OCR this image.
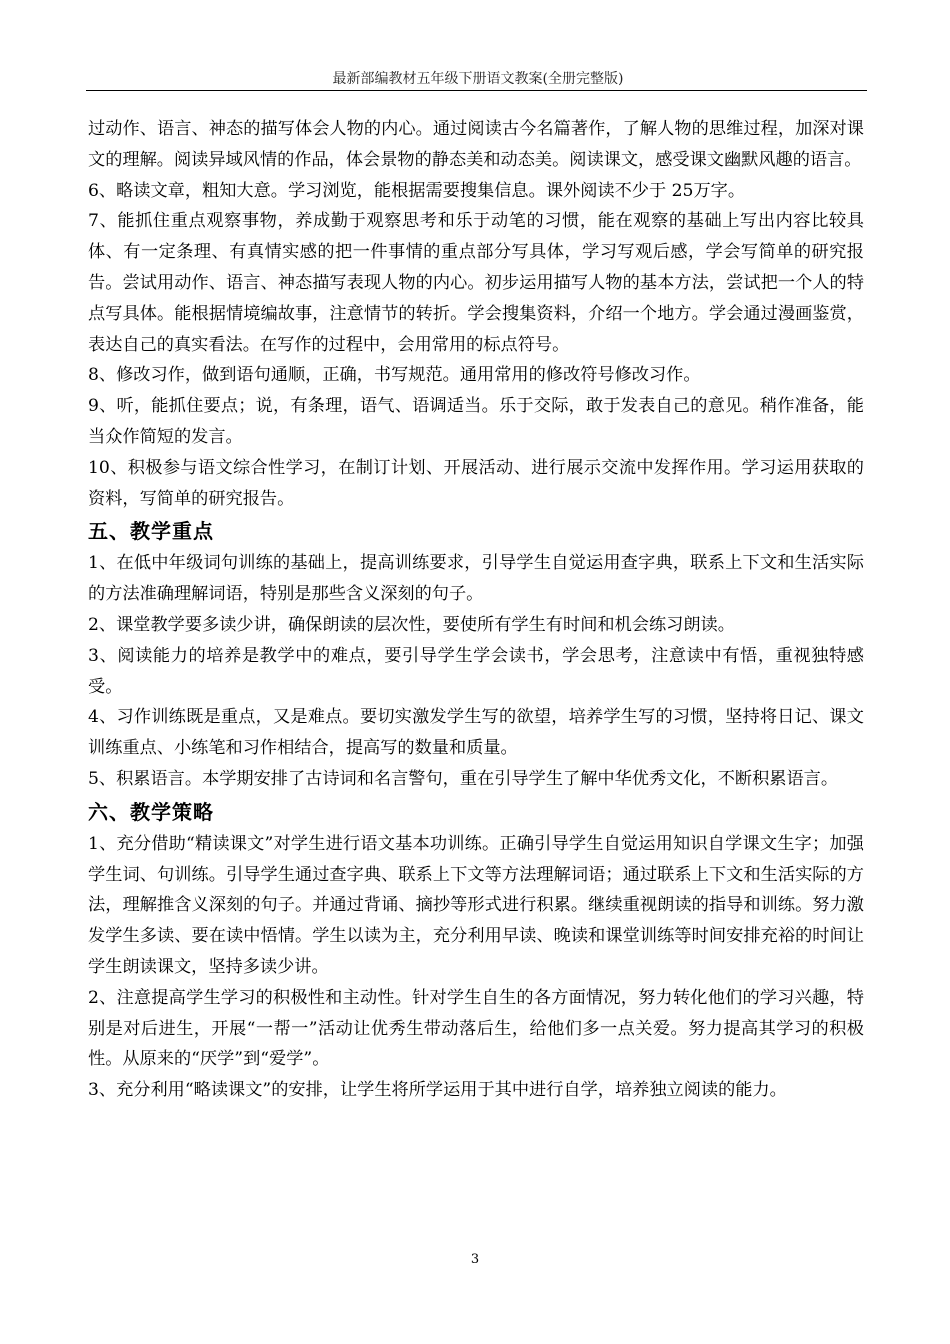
最新部编教材五年级下册语文教案(全册完整版)

过动作、语言、神态的描写体会人物的内心。通过阅读古今名篇著作，了解人物的思维过程，加深对课文的理解。阅读异域风情的作品，体会景物的静态美和动态美。阅读课文，感受课文幽默风趣的语言。

6、略读文章，粗知大意。学习浏览，能根据需要搜集信息。课外阅读不少于 25万字。

7、能抓住重点观察事物，养成勤于观察思考和乐于动笔的习惯，能在观察的基础上写出内容比较具体、有一定条理、有真情实感的把一件事情的重点部分写具体，学习写观后感，学会写简单的研究报告。尝试用动作、语言、神态描写表现人物的内心。初步运用描写人物的基本方法，尝试把一个人的特点写具体。能根据情境编故事，注意情节的转折。学会搜集资料，介绍一个地方。学会通过漫画鉴赏，表达自己的真实看法。在写作的过程中，会用常用的标点符号。

8、修改习作，做到语句通顺，正确，书写规范。通用常用的修改符号修改习作。

9、听，能抓住要点；说，有条理，语气、语调适当。乐于交际，敢于发表自己的意见。稍作准备，能当众作简短的发言。

10、积极参与语文综合性学习，在制订计划、开展活动、进行展示交流中发挥作用。学习运用获取的资料，写简单的研究报告。

五、教学重点

1、在低中年级词句训练的基础上，提高训练要求，引导学生自觉运用查字典，联系上下文和生活实际的方法准确理解词语，特别是那些含义深刻的句子。

2、课堂教学要多读少讲，确保朗读的层次性，要使所有学生有时间和机会练习朗读。

3、阅读能力的培养是教学中的难点，要引导学生学会读书，学会思考，注意读中有悟，重视独特感受。

4、习作训练既是重点，又是难点。要切实激发学生写的欲望，培养学生写的习惯，坚持将日记、课文训练重点、小练笔和习作相结合，提高写的数量和质量。

5、积累语言。本学期安排了古诗词和名言警句，重在引导学生了解中华优秀文化，不断积累语言。

六、教学策略

1、充分借助“精读课文”对学生进行语文基本功训练。正确引导学生自觉运用知识自学课文生字；加强学生词、句训练。引导学生通过查字典、联系上下文等方法理解词语；通过联系上下文和生活实际的方法，理解推含义深刻的句子。并通过背诵、摘抄等形式进行积累。继续重视朗读的指导和训练。努力激发学生多读、要在读中悟情。学生以读为主，充分利用早读、晚读和课堂训练等时间安排充裕的时间让学生朗读课文，坚持多读少讲。

2、注意提高学生学习的积极性和主动性。针对学生自生的各方面情况，努力转化他们的学习兴趣，特别是对后进生，开展“一帮一”活动让优秀生带动落后生，给他们多一点关爱。努力提高其学习的积极性。从原来的“厌学”到“爱学”。

3、充分利用“略读课文”的安排，让学生将所学运用于其中进行自学，培养独立阅读的能力。

3
